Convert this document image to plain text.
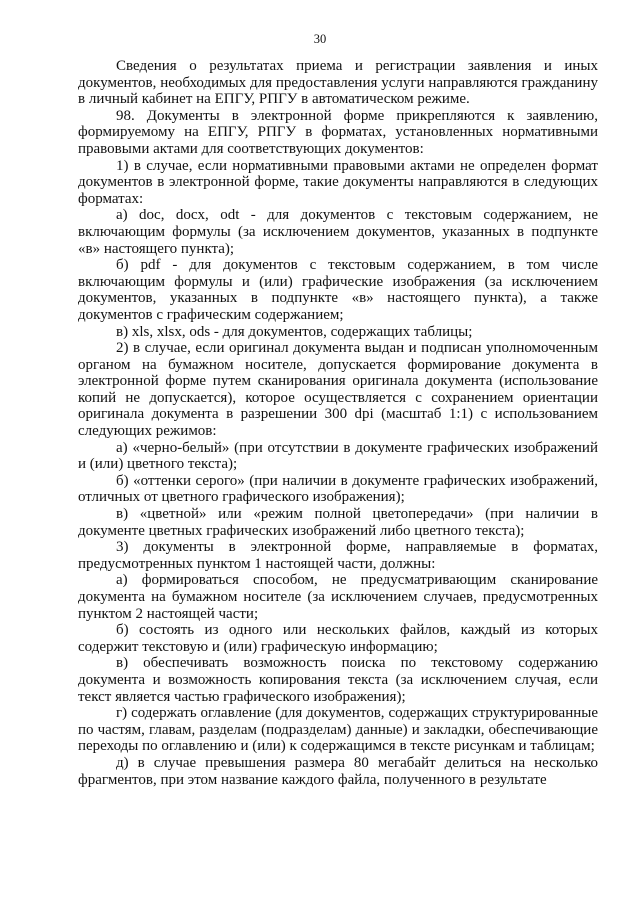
30

Сведения о результатах приема и регистрации заявления и иных документов, необходимых для предоставления услуги направляются гражданину в личный кабинет на ЕПГУ, РПГУ в автоматическом режиме.

98. Документы в электронной форме прикрепляются к заявлению, формируемому на ЕПГУ, РПГУ в форматах, установленных нормативными правовыми актами для соответствующих документов:

1) в случае, если нормативными правовыми актами не определен формат документов в электронной форме, такие документы направляются в следующих форматах:

а) doc, docx, odt - для документов с текстовым содержанием, не включающим формулы (за исключением документов, указанных в подпункте «в» настоящего пункта);

б) pdf - для документов с текстовым содержанием, в том числе включающим формулы и (или) графические изображения (за исключением документов, указанных в подпункте «в» настоящего пункта), а также документов с графическим содержанием;

в) xls, xlsx, ods - для документов, содержащих таблицы;

2) в случае, если оригинал документа выдан и подписан уполномоченным органом на бумажном носителе, допускается формирование документа в электронной форме путем сканирования оригинала документа (использование копий не допускается), которое осуществляется с сохранением ориентации оригинала документа в разрешении 300 dpi (масштаб 1:1) с использованием следующих режимов:

а) «черно-белый» (при отсутствии в документе графических изображений и (или) цветного текста);

б) «оттенки серого» (при наличии в документе графических изображений, отличных от цветного графического изображения);

в) «цветной» или «режим полной цветопередачи» (при наличии в документе цветных графических изображений либо цветного текста);

3) документы в электронной форме, направляемые в форматах, предусмотренных пунктом 1 настоящей части, должны:

а) формироваться способом, не предусматривающим сканирование документа на бумажном носителе (за исключением случаев, предусмотренных пунктом 2 настоящей части;

б) состоять из одного или нескольких файлов, каждый из которых содержит текстовую и (или) графическую информацию;

в) обеспечивать возможность поиска по текстовому содержанию документа и возможность копирования текста (за исключением случая, если текст является частью графического изображения);

г) содержать оглавление (для документов, содержащих структурированные по частям, главам, разделам (подразделам) данные) и закладки, обеспечивающие переходы по оглавлению и (или) к содержащимся в тексте рисункам и таблицам;

д) в случае превышения размера 80 мегабайт делиться на несколько фрагментов, при этом название каждого файла, полученного в результате
